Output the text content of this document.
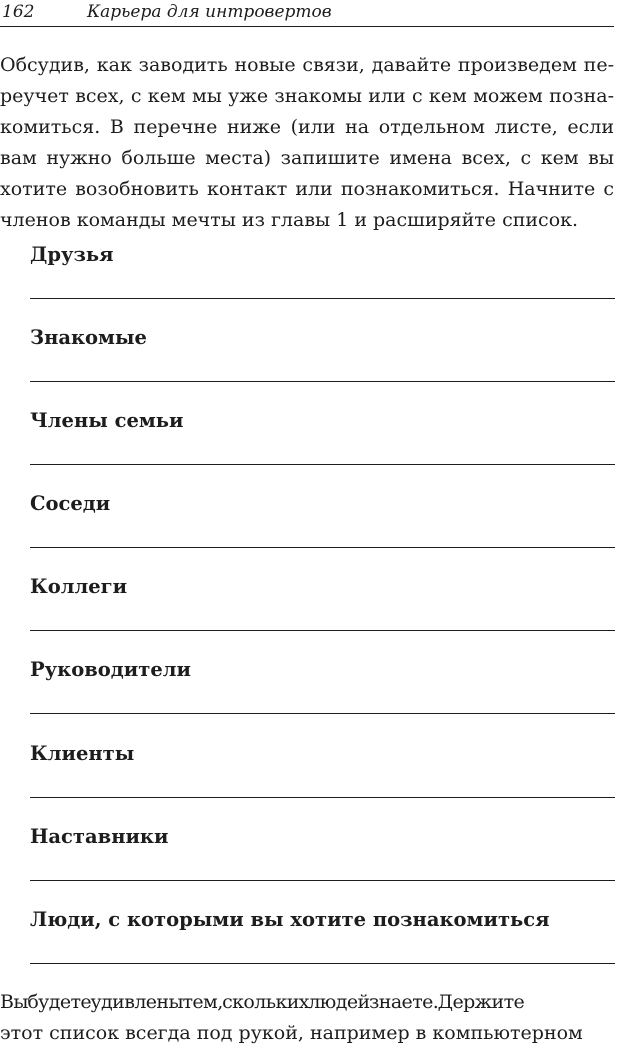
162	Карьера для интровертов

Обсудив, как заводить новые связи, давайте произведем переучет всех, с кем мы уже знакомы или с кем можем познакомиться. В перечне ниже (или на отдельном листе, если вам нужно больше места) запишите имена всех, с кем вы хотите возобновить контакт или познакомиться. Начните с членов команды мечты из главы 1 и расширяйте список.

Друзья
Знакомые
Члены семьи
Соседи
Коллеги
Руководители
Клиенты
Наставники
Люди, с которыми вы хотите познакомиться

Вы будете удивлены тем, скольких людей знаете. Держите
этот список всегда под рукой, например в компьютерном
